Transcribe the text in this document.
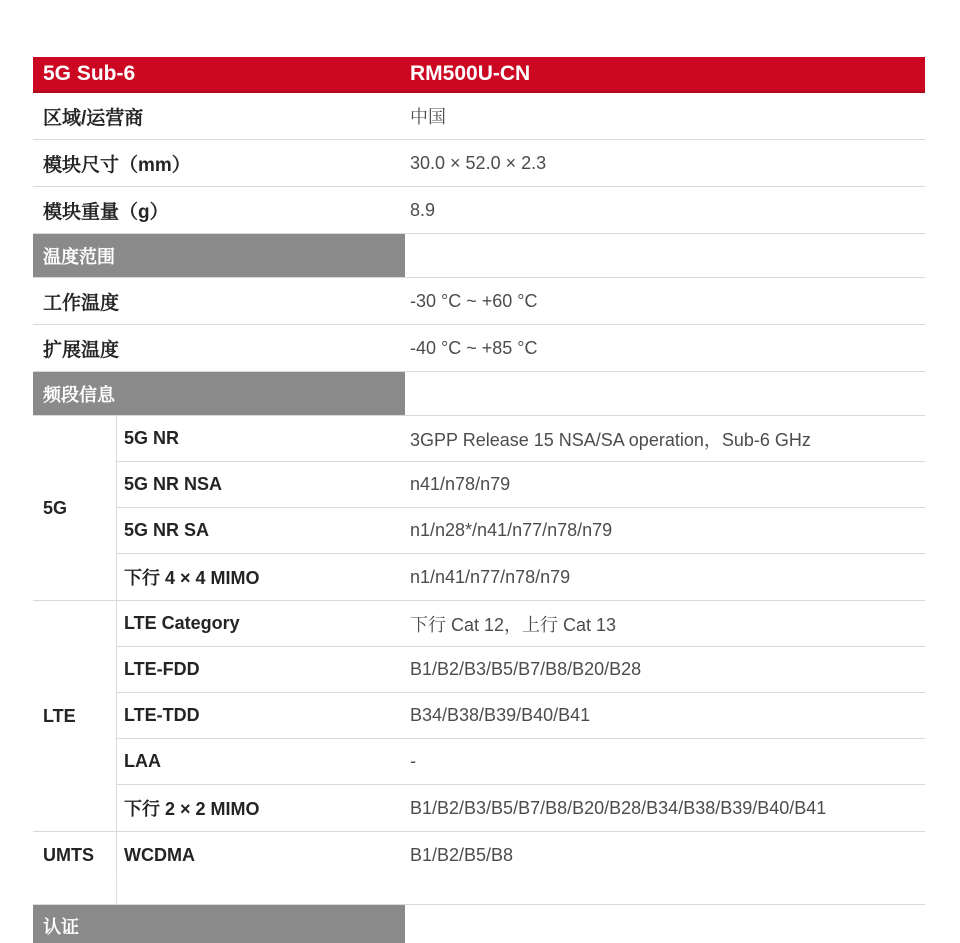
5G Sub-6	RM500U-CN
区域/运营商	中国
模块尺寸（mm）	30.0 × 52.0 × 2.3
模块重量（g）	8.9
温度范围
工作温度	-30 °C ~ +60 °C
扩展温度	-40 °C ~ +85 °C
频段信息
5G
5G NR	3GPP Release 15 NSA/SA operation，Sub-6 GHz
5G NR NSA	n41/n78/n79
5G NR SA	n1/n28*/n41/n77/n78/n79
下行 4 × 4 MIMO	n1/n41/n77/n78/n79
LTE
LTE Category	下行 Cat 12，上行 Cat 13
LTE-FDD	B1/B2/B3/B5/B7/B8/B20/B28
LTE-TDD	B34/B38/B39/B40/B41
LAA	-
下行 2 × 2 MIMO	B1/B2/B3/B5/B7/B8/B20/B28/B34/B38/B39/B40/B41
UMTS	WCDMA	B1/B2/B5/B8
认证
